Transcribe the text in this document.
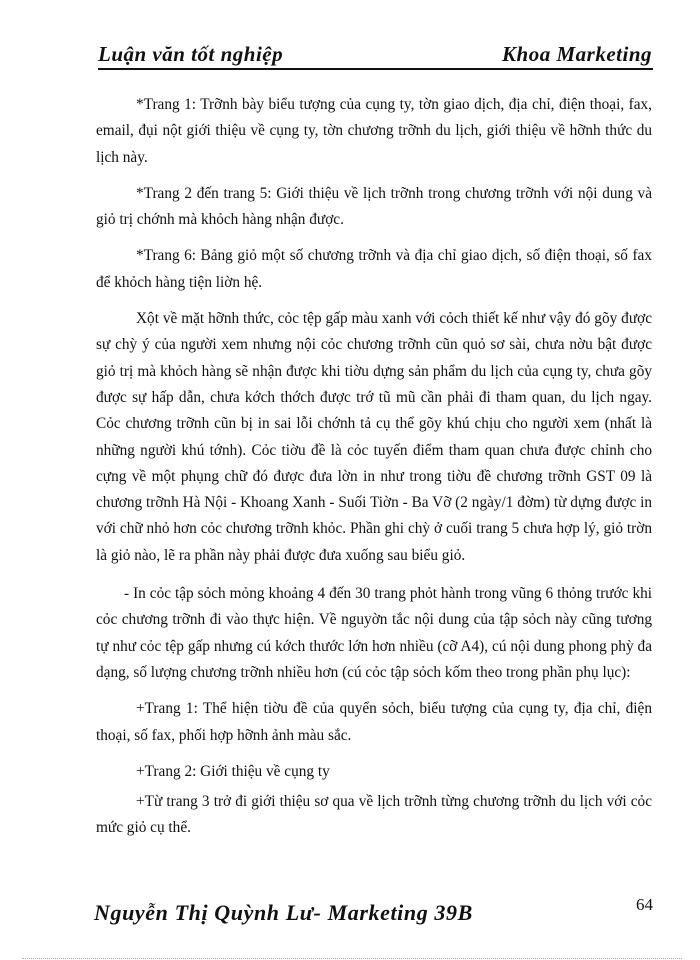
Luận văn tốt nghiệp	Khoa Marketing

*Trang 1: Trỡnh bày biểu tượng của cụng ty, tờn giao dịch, địa chỉ, điện thoại, fax, email, đụi nột giới thiệu về cụng ty, tờn chương trỡnh du lịch, giới thiệu về hỡnh thức du lịch này.

*Trang 2 đến trang 5: Giới thiệu về lịch trỡnh trong chương trỡnh với nội dung và giỏ trị chớnh mà khỏch hàng nhận được.

*Trang 6: Bảng giỏ một số chương trỡnh và địa chỉ giao dịch, số điện thoại, số fax để khỏch hàng tiện liờn hệ.

Xột về mặt hỡnh thức, cỏc tệp gấp màu xanh với cỏch thiết kế như vậy đó gõy được sự chỳ ý của người xem nhưng nội cỏc chương trỡnh cũn quỏ sơ sài, chưa nờu bật được giỏ trị mà khỏch hàng sẽ nhận được khi tiờu dựng sản phẩm du lịch của cụng ty, chưa gõy được sự hấp dẫn, chưa kớch thớch được trớ tũ mũ cần phải đi tham quan, du lịch ngay. Cỏc chương trỡnh cũn bị in sai lỗi chớnh tả cụ thể gõy khú chịu cho người xem (nhất là những người khú tớnh). Cỏc tiờu đề là cỏc tuyến điểm tham quan chưa được chỉnh cho cựng về một phụng chữ đó được đưa lờn in như trong tiờu đề chương trỡnh GST 09 là chương trỡnh Hà Nội - Khoang Xanh - Suối Tiờn - Ba Vỡ (2 ngày/1 đờm) từ dựng được in với chữ nhỏ hơn cỏc chương trỡnh khỏc. Phần ghi chỳ ở cuối trang 5 chưa hợp lý, giỏ trờn là giỏ nào, lẽ ra phần này phải được đưa xuống sau biểu giỏ.

- In cỏc tập sỏch mỏng khoảng 4 đến 30 trang phỏt hành trong vũng 6 thỏng trước khi cỏc chương trỡnh đi vào thực hiện. Về nguyờn tắc nội dung của tập sỏch này cũng tương tự như cỏc tệp gấp nhưng cú kớch thước lớn hơn nhiều (cỡ A4), cú nội dung phong phỳ đa dạng, số lượng chương trỡnh nhiều hơn (cú cỏc tập sỏch kốm theo trong phần phụ lục):

+Trang 1: Thể hiện tiờu đề của quyển sỏch, biểu tượng của cụng ty, địa chỉ, điện thoại, số fax, phối hợp hỡnh ảnh màu sắc.

+Trang 2: Giới thiệu về cụng ty

+Từ trang 3 trở đi giới thiệu sơ qua về lịch trỡnh từng chương trỡnh du lịch với cỏc mức giỏ cụ thể.

Nguyễn Thị Quỳnh Lư- Marketing 39B	64
